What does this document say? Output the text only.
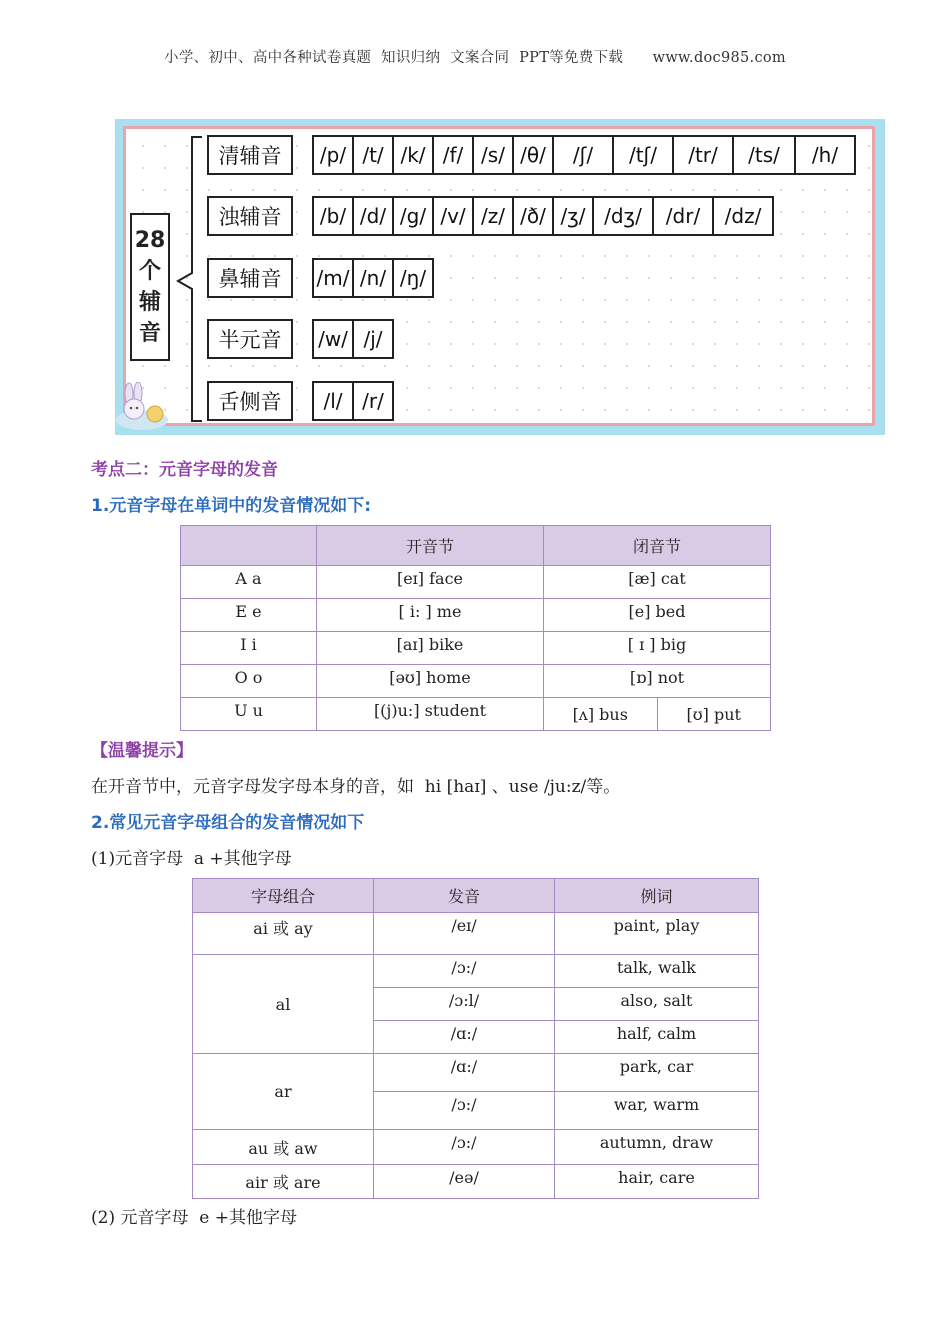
小学、初中、高中各种试卷真题  知识归纳  文案合同  PPT等免费下载      www.doc985.com
28
个
辅
音
清辅音	/p/ /t/ /k/ /f/ /s/ /θ/	/ʃ/	/tʃ/	/tr/	/ts/	/h/
浊辅音	/b/ /d/ /g/ /v/ /z/ /ð/ /ʒ/ /dʒ/	/dr/	/dz/
鼻辅音	/m/ /n/ /ŋ/
半元音	/w/ /j/
舌侧音	/l/ /r/
考点二：元音字母的发音
1.元音字母在单词中的发音情况如下:
	开音节	闭音节
A a	[eɪ] face	[æ] cat
E e	[ i: ] me	[e] bed
I i	[aɪ] bike	[ ɪ ] big
O o	[əʊ] home	[ɒ] not
U u	[(j)u:] student	[ʌ] bus [ʊ] put
【温馨提示】
在开音节中，元音字母发字母本身的音，如  hi [haɪ] 、use /ju:z/等。
2.常见元音字母组合的发音情况如下
(1)元音字母  a +其他字母
字母组合	发音	例词
ai 或 ay	/eɪ/	paint, play
al	/ɔ:/	talk, walk
	/ɔ:l/	also, salt
	/ɑ:/	half, calm
ar	/ɑ:/	park, car
	/ɔ:/	war, warm
au 或 aw	/ɔ:/	autumn, draw
air 或 are	/eə/	hair, care
(2) 元音字母  e +其他字母
